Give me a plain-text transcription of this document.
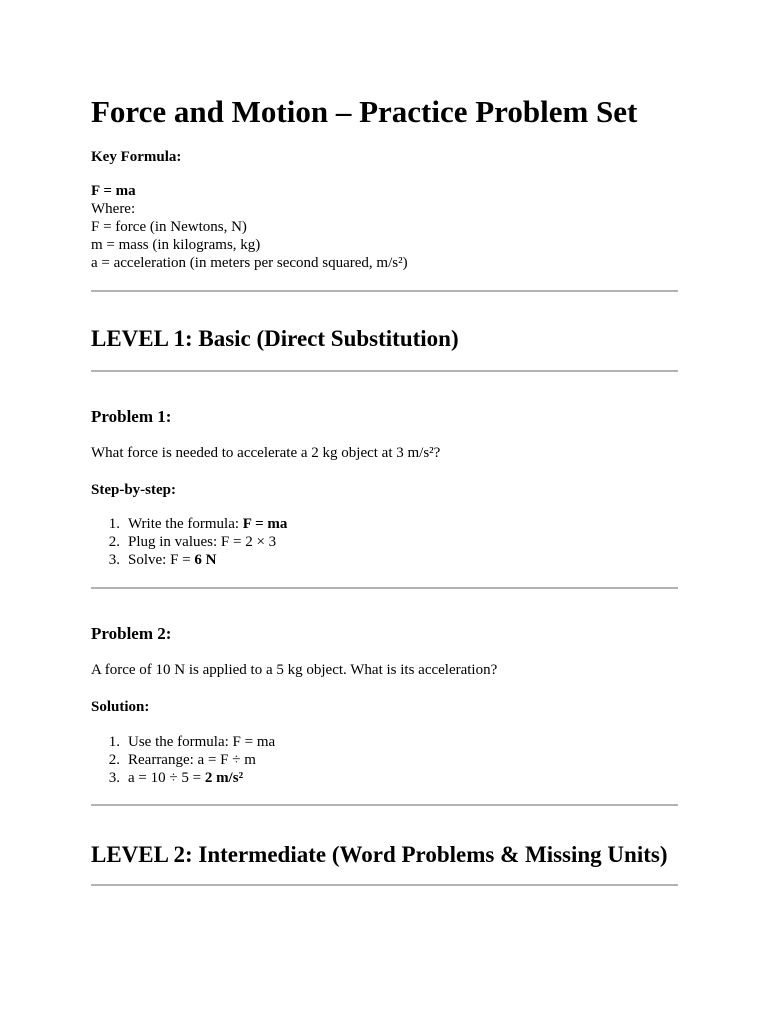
Force and Motion – Practice Problem Set
Key Formula:
F = ma
Where:
F = force (in Newtons, N)
m = mass (in kilograms, kg)
a = acceleration (in meters per second squared, m/s²)
LEVEL 1: Basic (Direct Substitution)
Problem 1:
What force is needed to accelerate a 2 kg object at 3 m/s²?
Step-by-step:
1. Write the formula: F = ma
2. Plug in values: F = 2 × 3
3. Solve: F = 6 N
Problem 2:
A force of 10 N is applied to a 5 kg object. What is its acceleration?
Solution:
1. Use the formula: F = ma
2. Rearrange: a = F ÷ m
3. a = 10 ÷ 5 = 2 m/s²
LEVEL 2: Intermediate (Word Problems & Missing Units)
